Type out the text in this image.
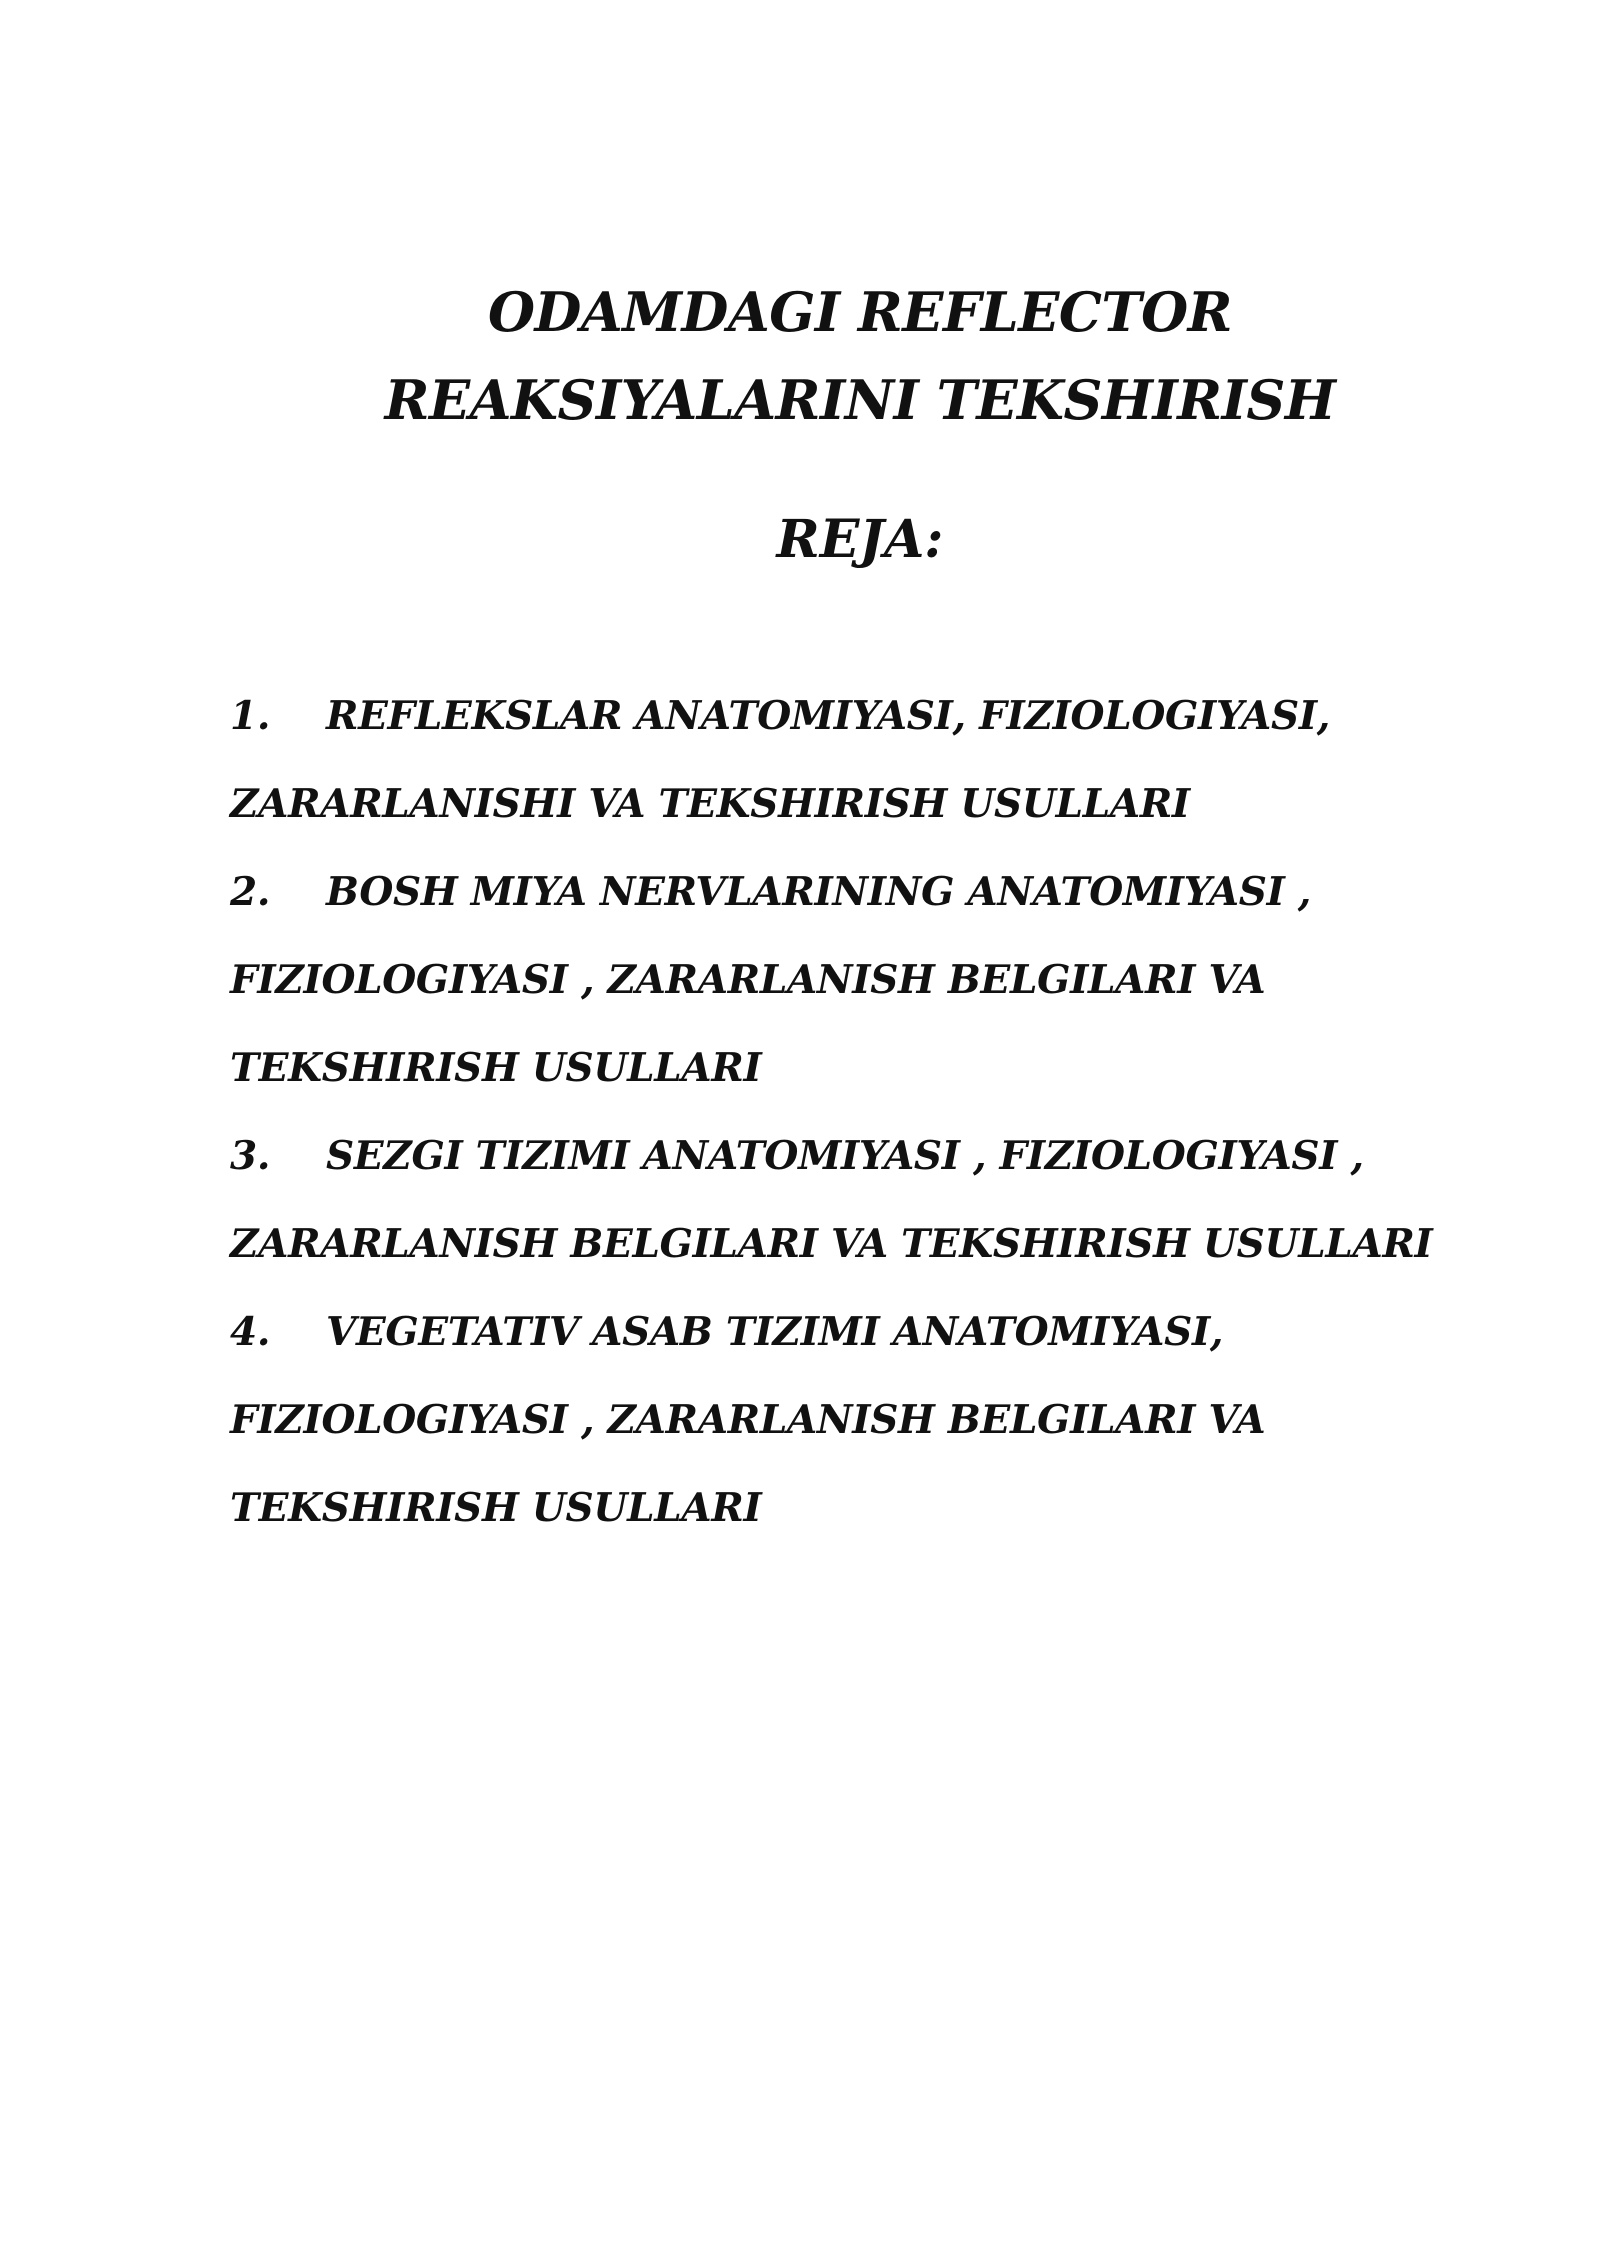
ODAMDAGI REFLECTOR
REAKSIYALARINI TEKSHIRISH
REJA:
1. REFLEKSLAR ANATOMIYASI, FIZIOLOGIYASI, ZARARLANISHI VA TEKSHIRISH USULLARI
2. BOSH MIYA NERVLARINING ANATOMIYASI , FIZIOLOGIYASI , ZARARLANISH BELGILARI VA TEKSHIRISH USULLARI
3. SEZGI TIZIMI ANATOMIYASI , FIZIOLOGIYASI , ZARARLANISH BELGILARI VA TEKSHIRISH USULLARI
4. VEGETATIV ASAB TIZIMI ANATOMIYASI, FIZIOLOGIYASI , ZARARLANISH BELGILARI VA TEKSHIRISH USULLARI
